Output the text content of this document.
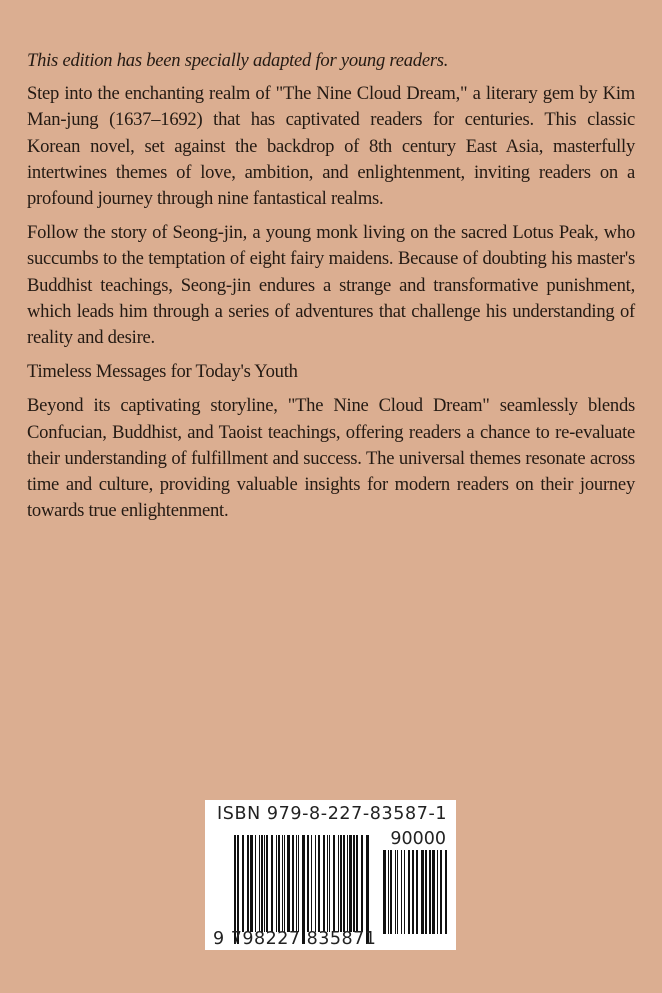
This edition has been specially adapted for young readers.

Step into the enchanting realm of "The Nine Cloud Dream," a literary gem by Kim Man-jung (1637–1692) that has captivated readers for centuries. This classic Korean novel, set against the backdrop of 8th century East Asia, masterfully intertwines themes of love, ambition, and enlightenment, inviting readers on a profound journey through nine fantastical realms.

Follow the story of Seong-jin, a young monk living on the sacred Lotus Peak, who succumbs to the temptation of eight fairy maidens. Because of doubting his master's Buddhist teachings, Seong-jin endures a strange and transformative punishment, which leads him through a series of adventures that challenge his understanding of reality and desire.

Timeless Messages for Today's Youth

Beyond its captivating storyline, "The Nine Cloud Dream" seamlessly blends Confucian, Buddhist, and Taoist teachings, offering readers a chance to re-evaluate their understanding of fulfillment and success. The universal themes resonate across time and culture, providing valuable insights for modern readers on their journey towards true enlightenment.

ISBN 979-8-227-83587-1
90000
9 798227 835871
